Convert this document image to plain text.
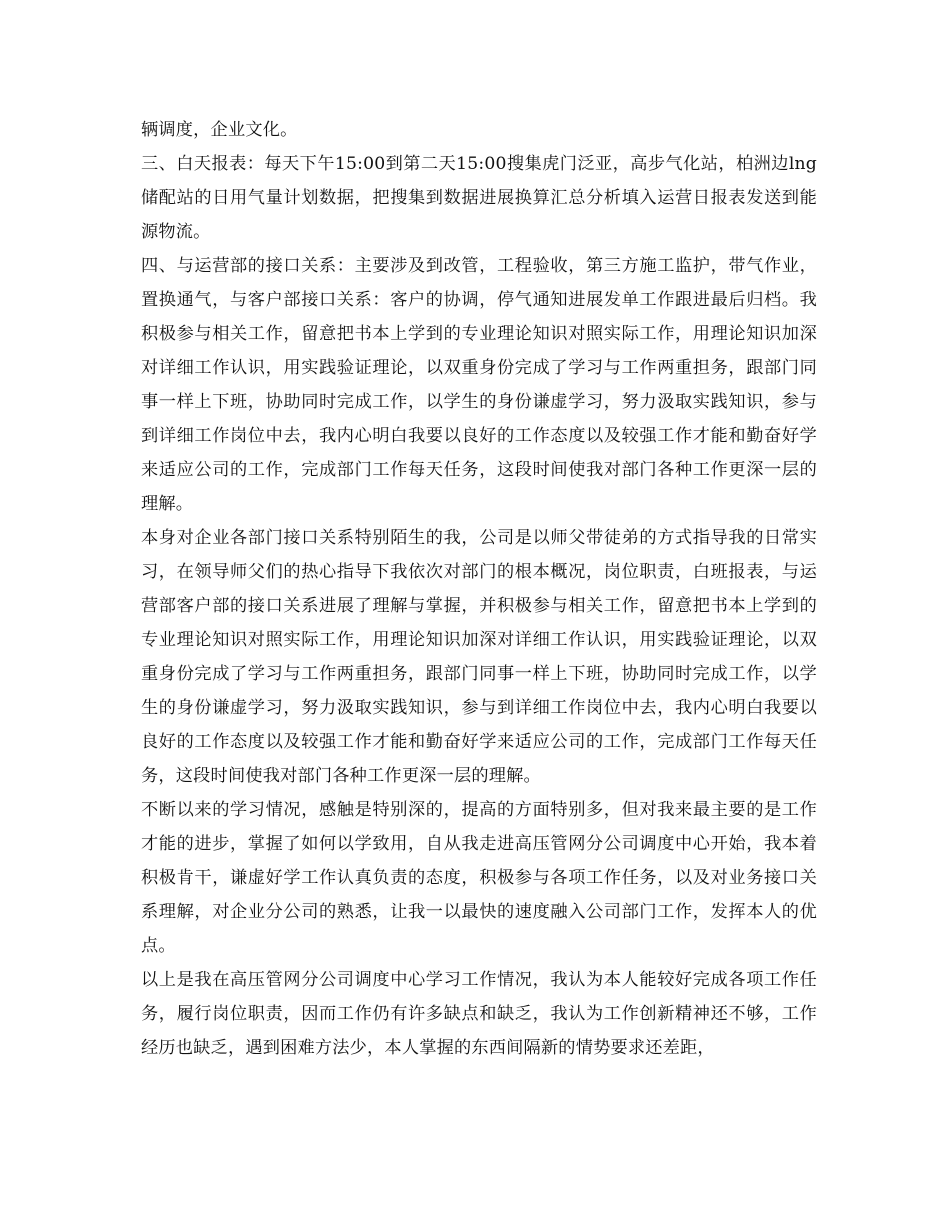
辆调度，企业文化。

三、白天报表：每天下午15:00到第二天15:00搜集虎门泛亚，高步气化站，柏洲边lng储配站的日用气量计划数据，把搜集到数据进展换算汇总分析填入运营日报表发送到能源物流。

四、与运营部的接口关系：主要涉及到改管，工程验收，第三方施工监护，带气作业，置换通气，与客户部接口关系：客户的协调，停气通知进展发单工作跟进最后归档。我积极参与相关工作，留意把书本上学到的专业理论知识对照实际工作，用理论知识加深对详细工作认识，用实践验证理论，以双重身份完成了学习与工作两重担务，跟部门同事一样上下班，协助同时完成工作，以学生的身份谦虚学习，努力汲取实践知识，参与到详细工作岗位中去，我内心明白我要以良好的工作态度以及较强工作才能和勤奋好学来适应公司的工作，完成部门工作每天任务，这段时间使我对部门各种工作更深一层的理解。

本身对企业各部门接口关系特别陌生的我，公司是以师父带徒弟的方式指导我的日常实习，在领导师父们的热心指导下我依次对部门的根本概况，岗位职责，白班报表，与运营部客户部的接口关系进展了理解与掌握，并积极参与相关工作，留意把书本上学到的专业理论知识对照实际工作，用理论知识加深对详细工作认识，用实践验证理论，以双重身份完成了学习与工作两重担务，跟部门同事一样上下班，协助同时完成工作，以学生的身份谦虚学习，努力汲取实践知识，参与到详细工作岗位中去，我内心明白我要以良好的工作态度以及较强工作才能和勤奋好学来适应公司的工作，完成部门工作每天任务，这段时间使我对部门各种工作更深一层的理解。

不断以来的学习情况，感触是特别深的，提高的方面特别多，但对我来最主要的是工作才能的进步，掌握了如何以学致用，自从我走进高压管网分公司调度中心开始，我本着积极肯干，谦虚好学工作认真负责的态度，积极参与各项工作任务，以及对业务接口关系理解，对企业分公司的熟悉，让我一以最快的速度融入公司部门工作，发挥本人的优点。

以上是我在高压管网分公司调度中心学习工作情况，我认为本人能较好完成各项工作任务，履行岗位职责，因而工作仍有许多缺点和缺乏，我认为工作创新精神还不够，工作经历也缺乏，遇到困难方法少，本人掌握的东西间隔新的情势要求还差距，
